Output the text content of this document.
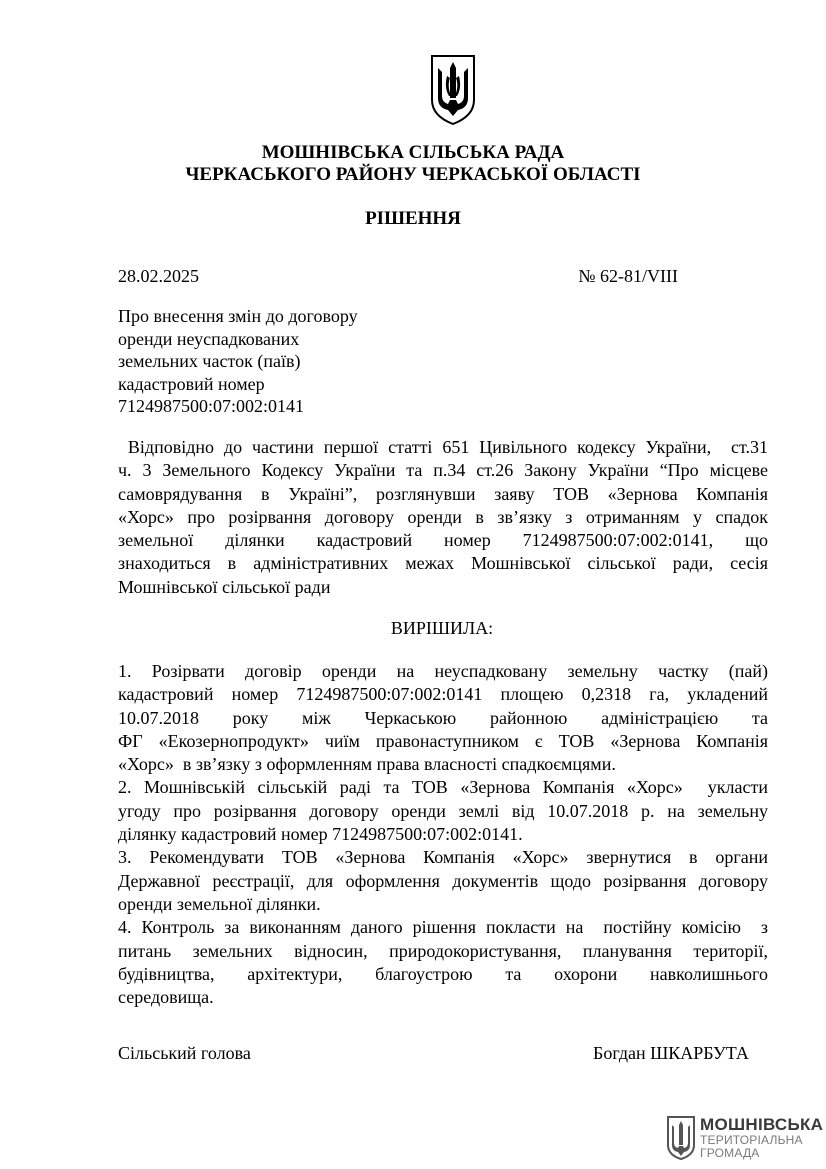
МОШНІВСЬКА СІЛЬСЬКА РАДА
ЧЕРКАСЬКОГО РАЙОНУ ЧЕРКАСЬКОЇ ОБЛАСТІ
РІШЕННЯ
28.02.2025	№ 62-81/VIII
Про внесення змін до договору
оренди неуспадкованих
земельних часток (паїв)
кадастровий номер
7124987500:07:002:0141
Відповідно до частини першої статті 651 Цивільного кодексу України,  ст.31
ч. 3 Земельного Кодексу України та п.34 ст.26 Закону України “Про місцеве
самоврядування в Україні”, розглянувши заяву ТОВ «Зернова Компанія
«Хорс» про розірвання договору оренди в зв’язку з отриманням у спадок
земельної ділянки кадастровий номер 7124987500:07:002:0141, що
знаходиться в адміністративних межах Мошнівської сільської ради, сесія
Мошнівської сільської ради
ВИРІШИЛА:
1. Розірвати договір оренди на неуспадковану земельну частку (пай)
кадастровий номер 7124987500:07:002:0141 площею 0,2318 га, укладений
10.07.2018 року між Черкаською районною адміністрацією та
ФГ «Екозернопродукт» чиїм правонаступником є ТОВ «Зернова Компанія
«Хорс»  в зв’язку з оформленням права власності спадкоємцями.
2. Мошнівській сільській раді та ТОВ «Зернова Компанія «Хорс»  укласти
угоду про розірвання договору оренди землі від 10.07.2018 р. на земельну
ділянку кадастровий номер 7124987500:07:002:0141.
3. Рекомендувати ТОВ «Зернова Компанія «Хорс» звернутися в органи
Державної реєстрації, для оформлення документів щодо розірвання договору
оренди земельної ділянки.
4. Контроль за виконанням даного рішення покласти на  постійну комісію  з
питань земельних відносин, природокористування, планування території,
будівництва, архітектури, благоустрою та охорони навколишнього
середовища.
Сільський голова	Богдан ШКАРБУТА
МОШНІВСЬКА
ТЕРИТОРІАЛЬНА
ГРОМАДА
